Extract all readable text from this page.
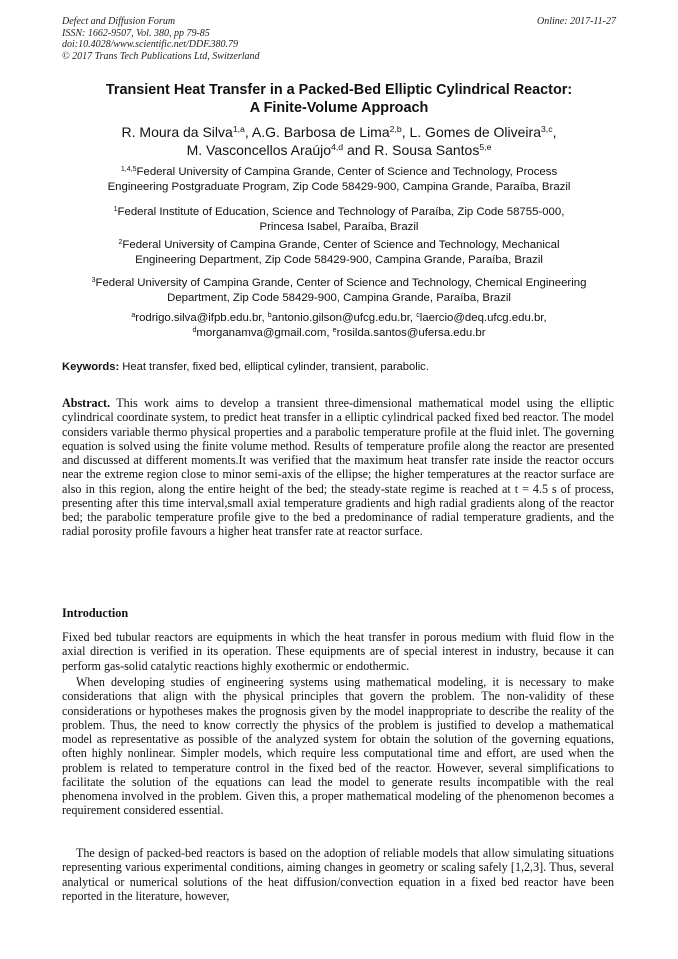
Defect and Diffusion Forum
ISSN: 1662-9507, Vol. 380, pp 79-85
doi:10.4028/www.scientific.net/DDF.380.79
© 2017 Trans Tech Publications Ltd, Switzerland
Online: 2017-11-27
Transient Heat Transfer in a Packed-Bed Elliptic Cylindrical Reactor:
A Finite-Volume Approach
R. Moura da Silva$^{1,a}$, A.G. Barbosa de Lima$^{2,b}$, L. Gomes de Oliveira$^{3,c}$,
M. Vasconcellos Araújo$^{4,d}$ and R. Sousa Santos$^{5,e}$
$^{1,4,5}$Federal University of Campina Grande, Center of Science and Technology, Process
Engineering Postgraduate Program, Zip Code 58429-900, Campina Grande, Paraíba, Brazil
$^1$Federal Institute of Education, Science and Technology of Paraíba, Zip Code 58755-000,
Princesa Isabel, Paraíba, Brazil
$^2$Federal University of Campina Grande, Center of Science and Technology, Mechanical
Engineering Department, Zip Code 58429-900, Campina Grande, Paraíba, Brazil
$^3$Federal University of Campina Grande, Center of Science and Technology, Chemical Engineering
Department, Zip Code 58429-900, Campina Grande, Paraíba, Brazil
$^a$rodrigo.silva@ifpb.edu.br, $^b$antonio.gilson@ufcg.edu.br, $^c$laercio@deq.ufcg.edu.br,
$^d$morganamva@gmail.com, $^e$rosilda.santos@ufersa.edu.br
Keywords: Heat transfer, fixed bed, elliptical cylinder, transient, parabolic.
Abstract. This work aims to develop a transient three-dimensional mathematical model using the elliptic cylindrical coordinate system, to predict heat transfer in a elliptic cylindrical packed fixed bed reactor. The model considers variable thermo physical properties and a parabolic temperature profile at the fluid inlet. The governing equation is solved using the finite volume method. Results of temperature profile along the reactor are presented and discussed at different moments.It was verified that the maximum heat transfer rate inside the reactor occurs near the extreme region close to minor semi-axis of the ellipse; the higher temperatures at the reactor surface are also in this region, along the entire height of the bed; the steady-state regime is reached at t = 4.5 s of process, presenting after this time interval,small axial temperature gradients and high radial gradients along of the reactor bed; the parabolic temperature profile give to the bed a predominance of radial temperature gradients, and the radial porosity profile favours a higher heat transfer rate at reactor surface.
Introduction
Fixed bed tubular reactors are equipments in which the heat transfer in porous medium with fluid flow in the axial direction is verified in its operation. These equipments are of special interest in industry, because it can perform gas-solid catalytic reactions highly exothermic or endothermic.
When developing studies of engineering systems using mathematical modeling, it is necessary to make considerations that align with the physical principles that govern the problem. The non-validity of these considerations or hypotheses makes the prognosis given by the model inappropriate to describe the reality of the problem. Thus, the need to know correctly the physics of the problem is justified to develop a mathematical model as representative as possible of the analyzed system for obtain the solution of the governing equations, often highly nonlinear. Simpler models, which require less computational time and effort, are used when the problem is related to temperature control in the fixed bed of the reactor. However, several simplifications to facilitate the solution of the equations can lead the model to generate results incompatible with the real phenomena involved in the problem. Given this, a proper mathematical modeling of the phenomenon becomes a requirement considered essential.
The design of packed-bed reactors is based on the adoption of reliable models that allow simulating situations representing various experimental conditions, aiming changes in geometry or scaling safely [1,2,3]. Thus, several analytical or numerical solutions of the heat diffusion/convection equation in a fixed bed reactor have been reported in the literature, however,
